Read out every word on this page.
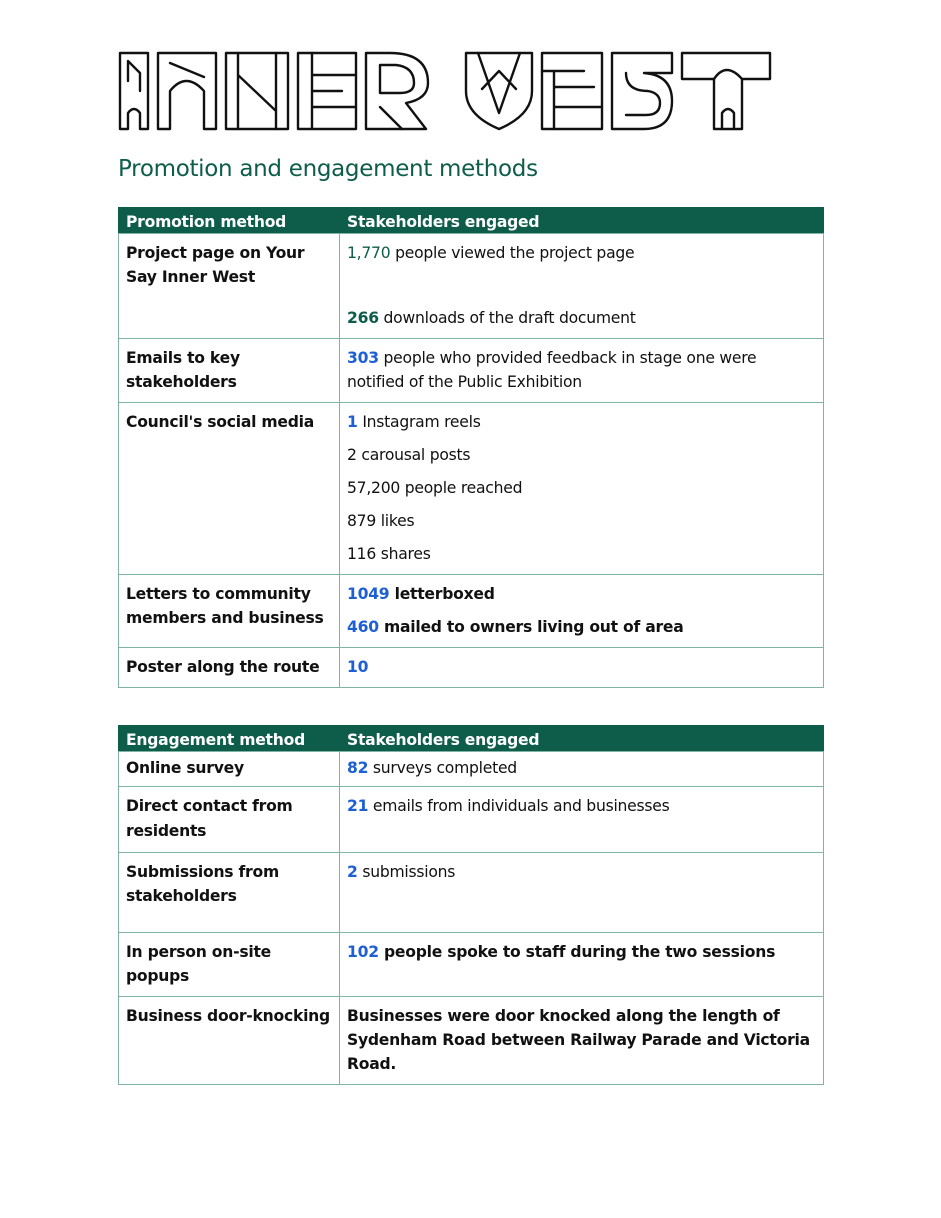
Promotion and engagement methods
Promotion method	Stakeholders engaged
Project page on Your Say Inner West	1,770 people viewed the project page
266 downloads of the draft document

Emails to key stakeholders	303 people who provided feedback in stage one were notified of the Public Exhibition
Council's social media	1 Instagram reels
2 carousal posts
57,200 people reached
879 likes
116 shares

Letters to community members and business	1049 letterboxed
460 mailed to owners living out of area

Poster along the route	10
Engagement method	Stakeholders engaged
Online survey	82 surveys completed
Direct contact from residents	21 emails from individuals and businesses
Submissions from stakeholders	2 submissions
In person on-site popups	102 people spoke to staff during the two sessions
Business door-knocking	Businesses were door knocked along the length of Sydenham Road between Railway Parade and Victoria Road.
